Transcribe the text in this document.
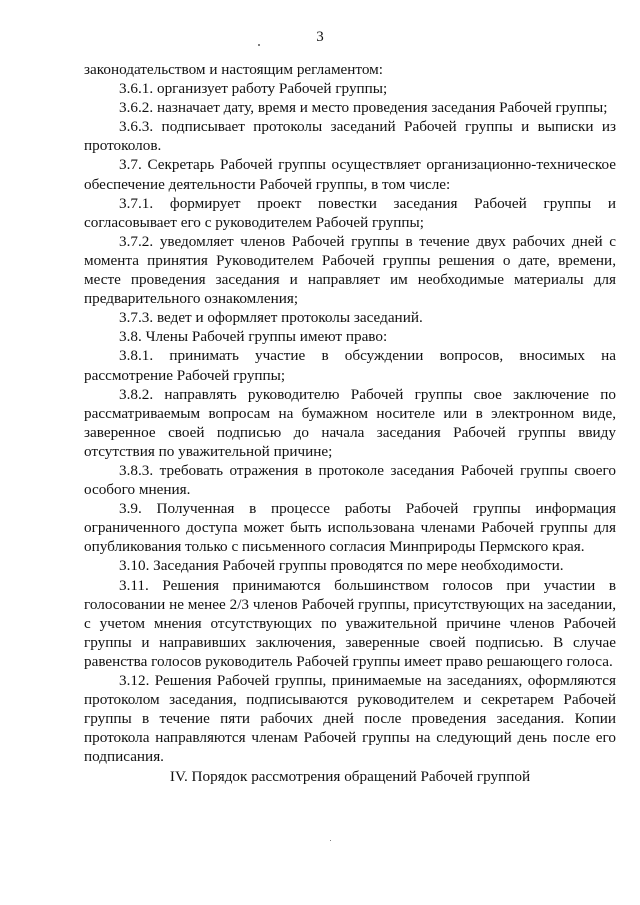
3

законодательством и настоящим регламентом:

3.6.1. организует работу Рабочей группы;

3.6.2. назначает дату, время и место проведения заседания Рабочей группы;

3.6.3. подписывает протоколы заседаний Рабочей группы и выписки из протоколов.

3.7. Секретарь Рабочей группы осуществляет организационно-техническое обеспечение деятельности Рабочей группы, в том числе:

3.7.1. формирует проект повестки заседания Рабочей группы и согласовывает его с руководителем Рабочей группы;

3.7.2. уведомляет членов Рабочей группы в течение двух рабочих дней с момента принятия Руководителем Рабочей группы решения о дате, времени, месте проведения заседания и направляет им необходимые материалы для предварительного ознакомления;

3.7.3. ведет и оформляет протоколы заседаний.

3.8. Члены Рабочей группы имеют право:

3.8.1. принимать участие в обсуждении вопросов, вносимых на рассмотрение Рабочей группы;

3.8.2. направлять руководителю Рабочей группы свое заключение по рассматриваемым вопросам на бумажном носителе или в электронном виде, заверенное своей подписью до начала заседания Рабочей группы ввиду отсутствия по уважительной причине;

3.8.3. требовать отражения в протоколе заседания Рабочей группы своего особого мнения.

3.9. Полученная в процессе работы Рабочей группы информация ограниченного доступа может быть использована членами Рабочей группы для опубликования только с письменного согласия Минприроды Пермского края.

3.10. Заседания Рабочей группы проводятся по мере необходимости.

3.11. Решения принимаются большинством голосов при участии в голосовании не менее 2/3 членов Рабочей группы, присутствующих на заседании, с учетом мнения отсутствующих по уважительной причине членов Рабочей группы и направивших заключения, заверенные своей подписью. В случае равенства голосов руководитель Рабочей группы имеет право решающего голоса.

3.12. Решения Рабочей группы, принимаемые на заседаниях, оформляются протоколом заседания, подписываются руководителем и секретарем Рабочей группы в течение пяти рабочих дней после проведения заседания. Копии протокола направляются членам Рабочей группы на следующий день после его подписания.

IV. Порядок рассмотрения обращений Рабочей группой
